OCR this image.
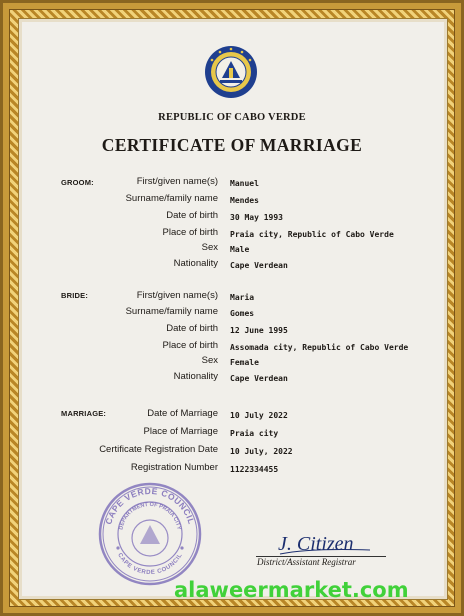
REPUBLIC OF CABO VERDE
CERTIFICATE OF MARRIAGE
GROOM:	First/given name(s) Manuel
Surname/family name Mendes
Date of birth 30 May 1993
Place of birth Praia city, Republic of Cabo Verde
Sex Male
Nationality Cape Verdean
BRIDE:	First/given name(s) Maria
Surname/family name Gomes
Date of birth 12 June 1995
Place of birth Assomada city, Republic of Cabo Verde
Sex Female
Nationality Cape Verdean
MARRIAGE:	Date of Marriage 10 July 2022
Place of Marriage Praia city
Certificate Registration Date 10 July, 2022
Registration Number 1122334455
CAPE VERDE COUNCIL
DEPARTMENT OF PRAIA CITY
CAPE VERDE COUNCIL
J. Citizen
District/Assistant Registrar
alaweermarket.com
